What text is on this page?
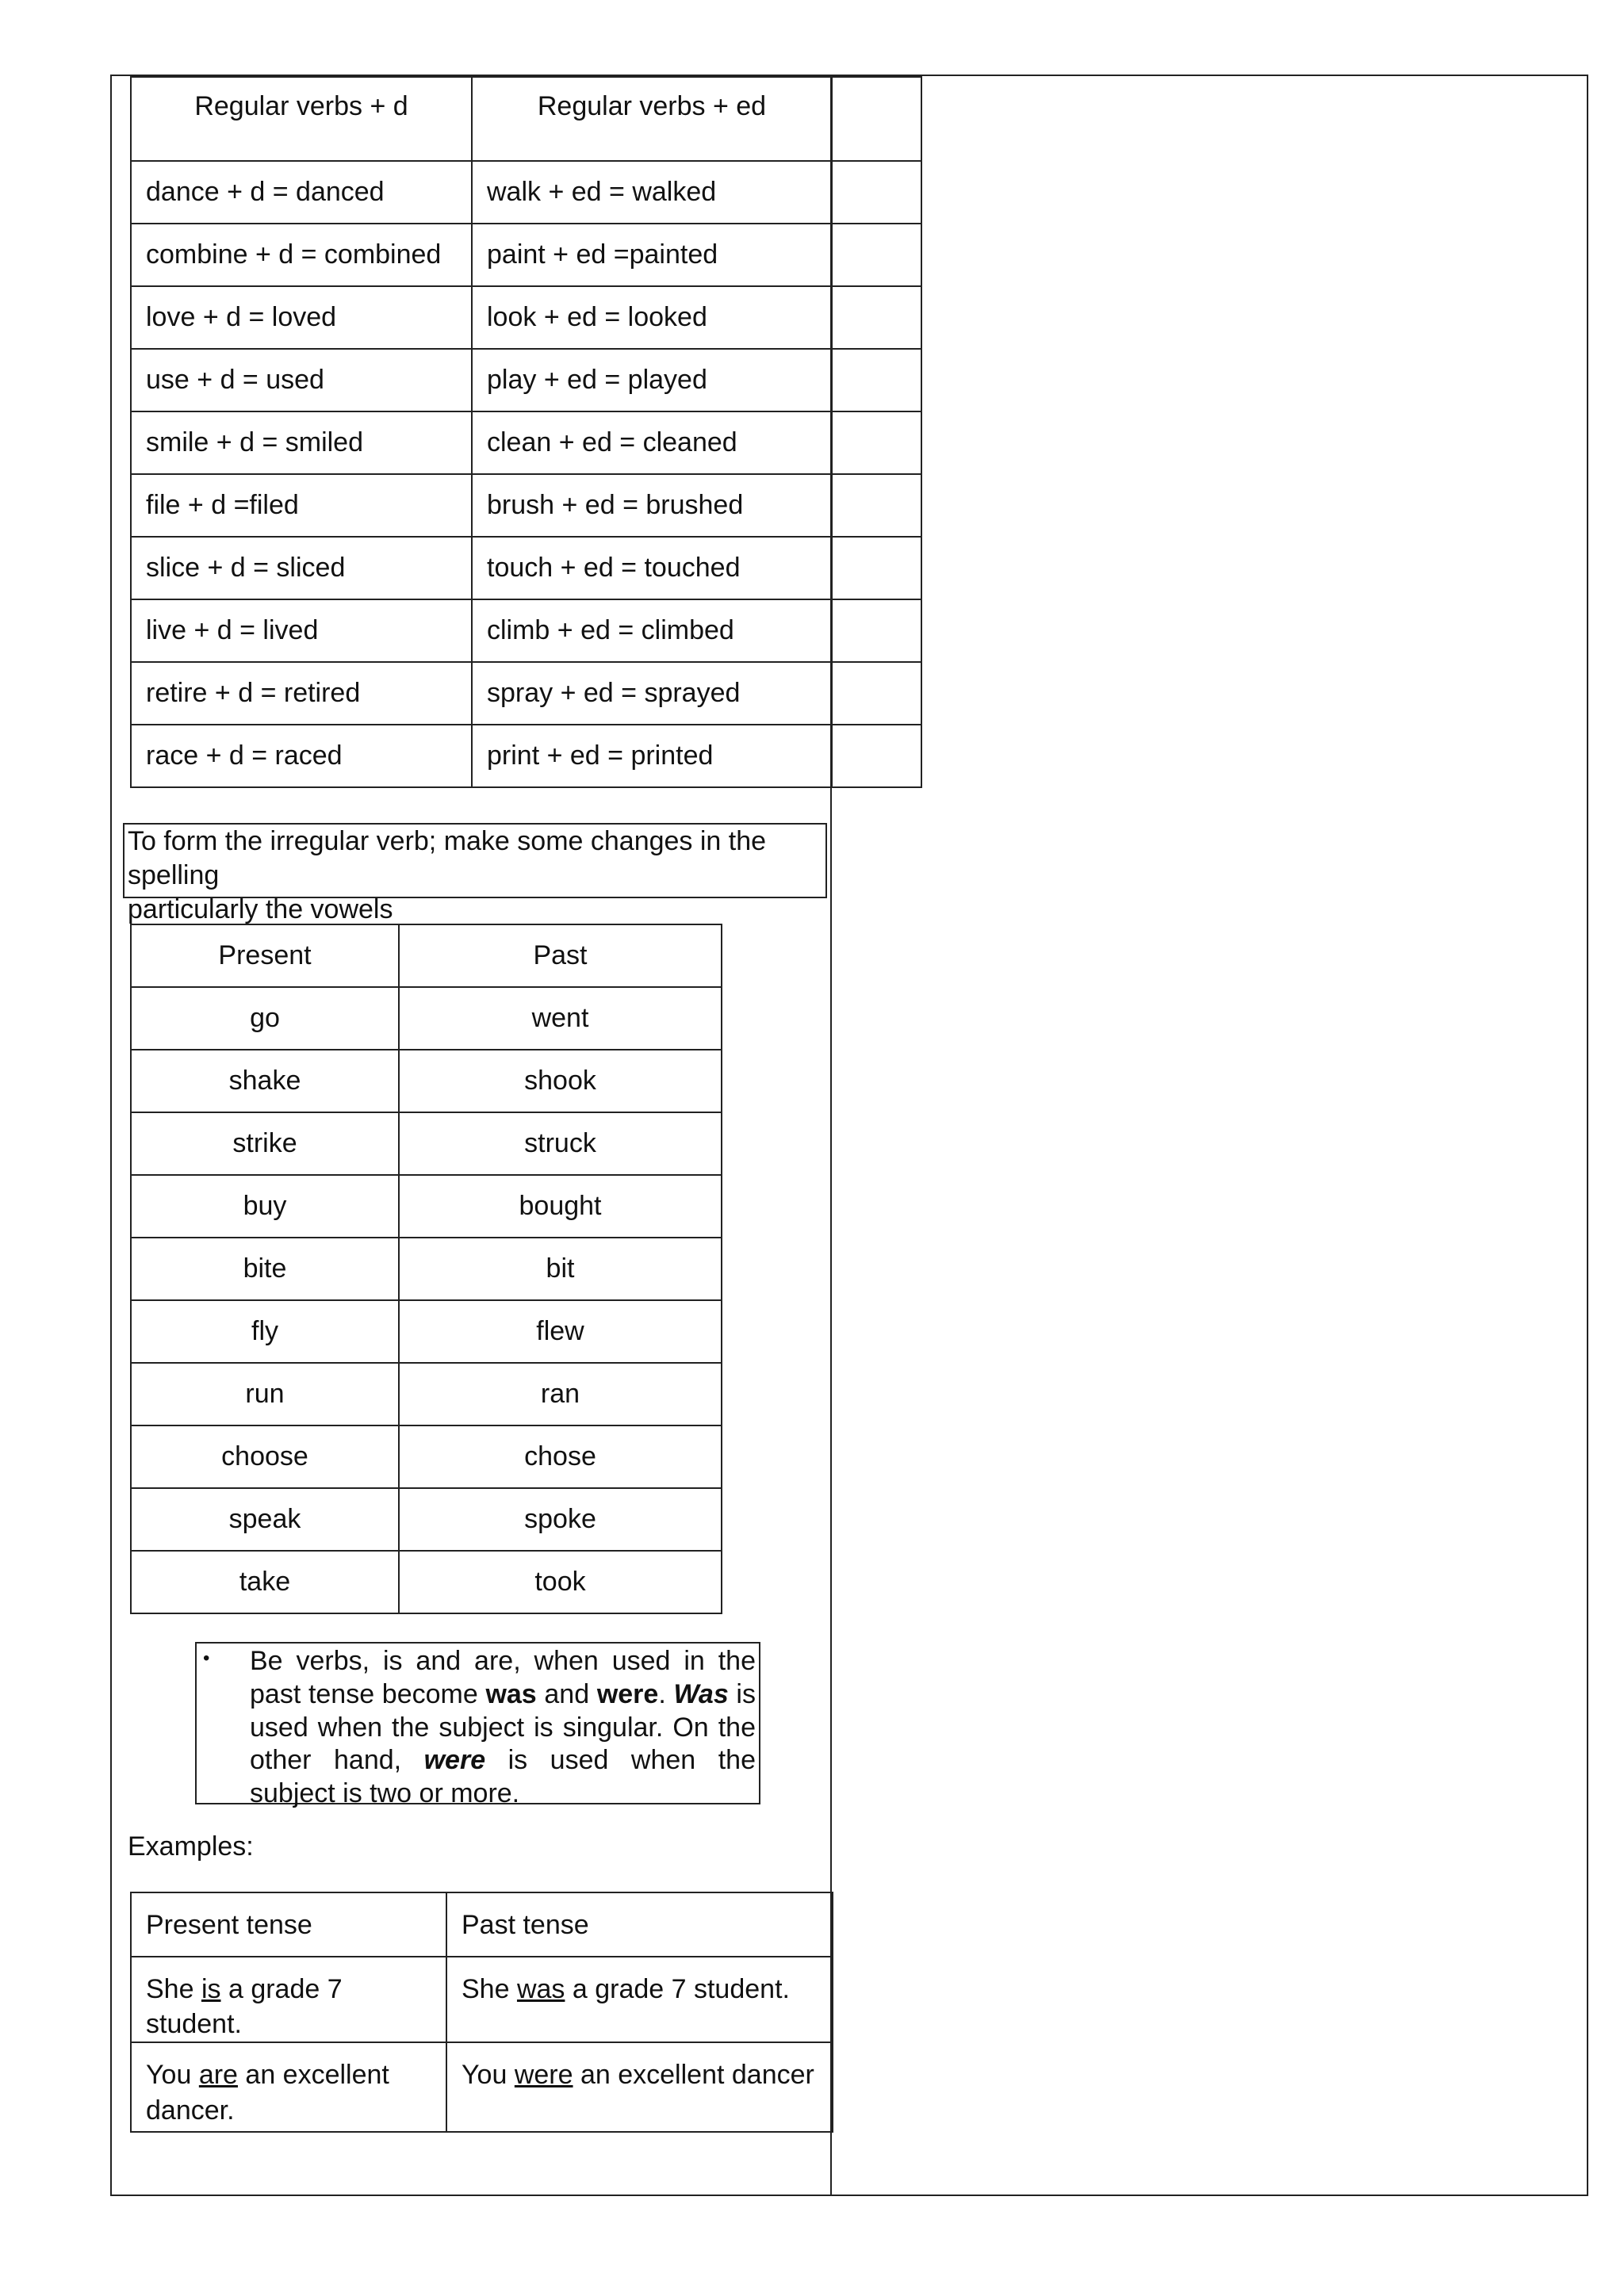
Regular verbs + d	Regular verbs + ed	
dance + d = danced	walk + ed = walked	
combine + d = combined	paint + ed =painted	
love + d = loved	look + ed = looked	
use + d = used	play + ed = played	
smile + d = smiled	clean + ed = cleaned	
file + d =filed	brush + ed = brushed	
slice + d = sliced	touch + ed = touched	
live + d = lived	climb + ed = climbed	
retire + d = retired	spray + ed = sprayed	
race + d = raced	print + ed = printed	
To form the irregular verb; make some changes in the spelling
particularly the vowels
Present	Past
go	went
shake	shook
strike	struck
buy	bought
bite	bit
fly	flew
run	ran
choose	chose
speak	spoke
take	took
• Be verbs, is and are, when used in the past tense become was and were. Was is used when the subject is singular. On the other hand, were is used when the subject is two or more.
Examples:
Present tense	Past tense
She is a grade 7 student.	She was a grade 7 student.
You are an excellent dancer.	You were an excellent dancer
